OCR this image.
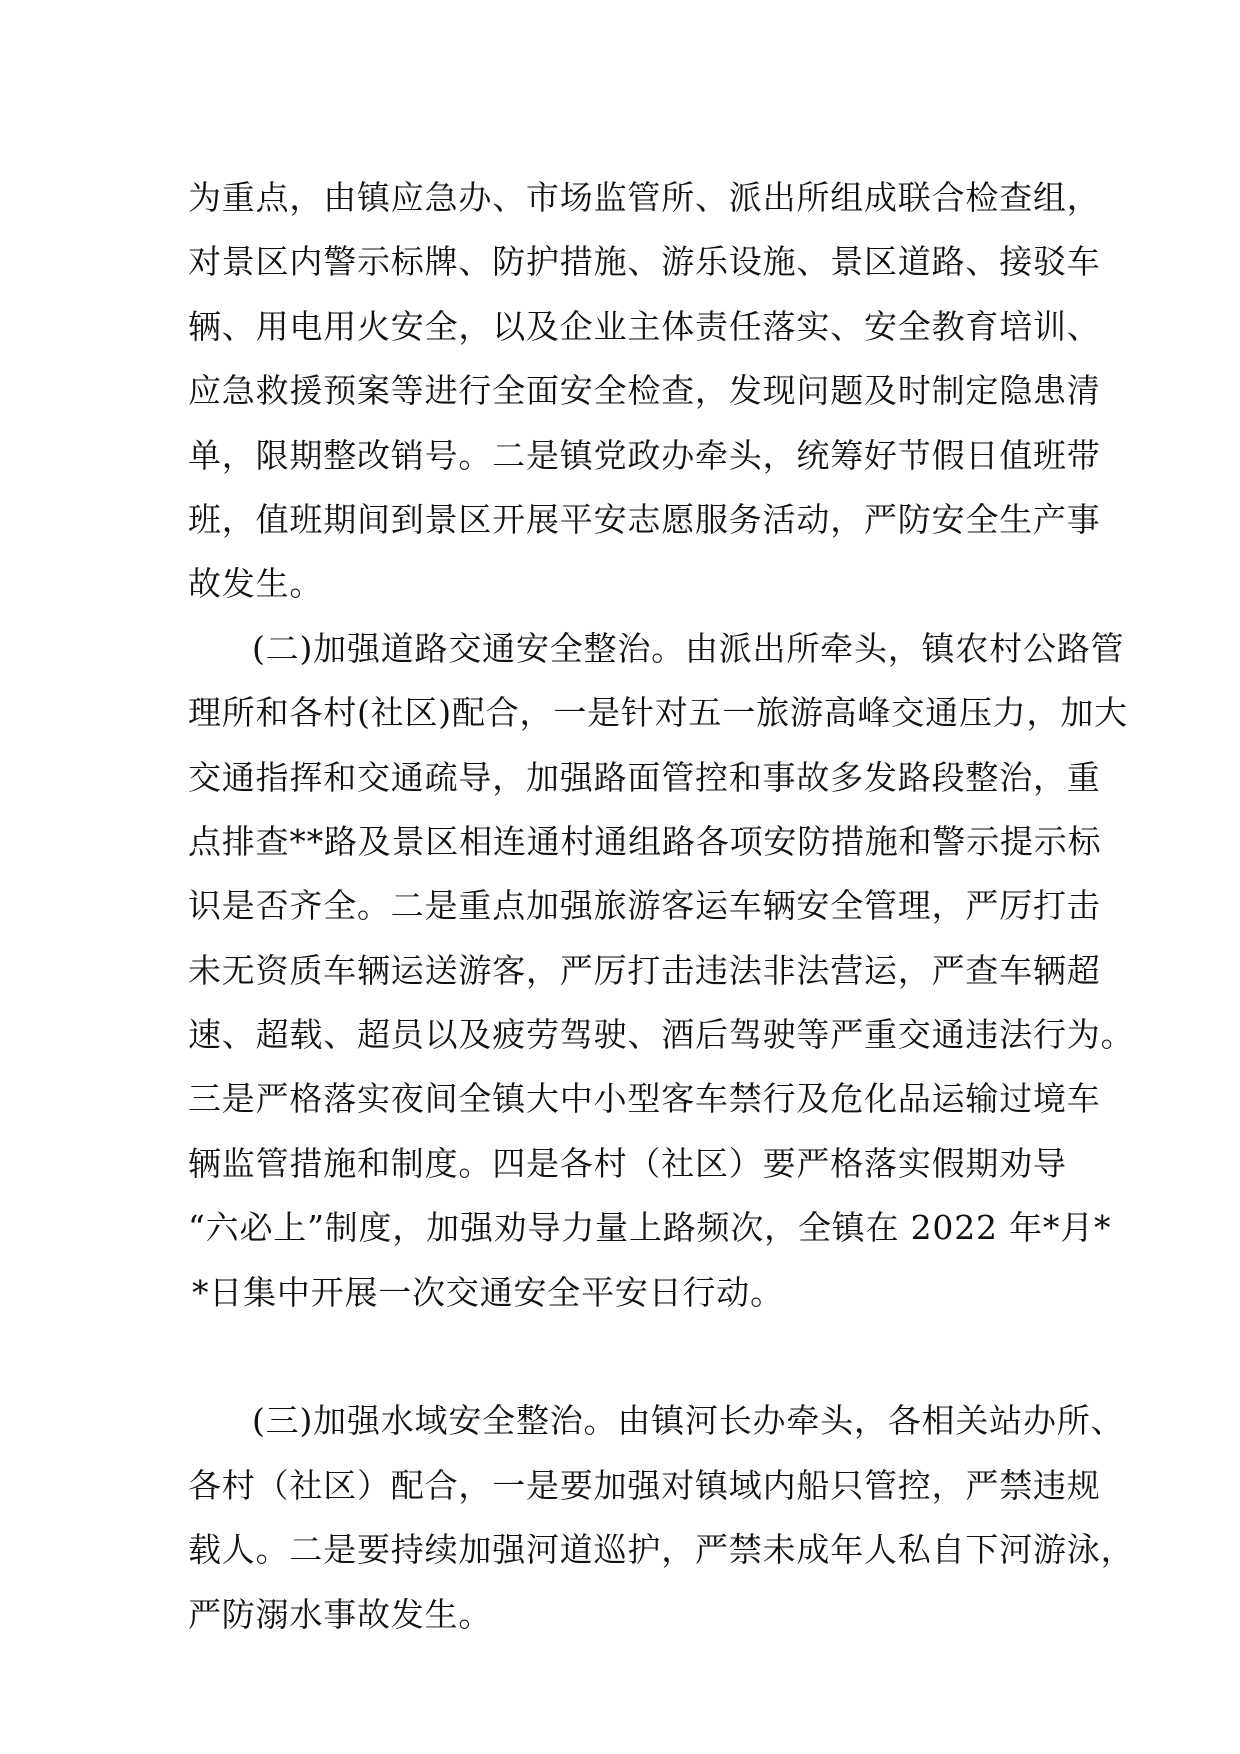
为重点，由镇应急办、市场监管所、派出所组成联合检查组，
对景区内警示标牌、防护措施、游乐设施、景区道路、接驳车
辆、用电用火安全，以及企业主体责任落实、安全教育培训、
应急救援预案等进行全面安全检查，发现问题及时制定隐患清
单，限期整改销号。二是镇党政办牵头，统筹好节假日值班带
班，值班期间到景区开展平安志愿服务活动，严防安全生产事
故发生。
(二)加强道路交通安全整治。由派出所牵头，镇农村公路管
理所和各村(社区)配合，一是针对五一旅游高峰交通压力，加大
交通指挥和交通疏导，加强路面管控和事故多发路段整治，重
点排查**路及景区相连通村通组路各项安防措施和警示提示标
识是否齐全。二是重点加强旅游客运车辆安全管理，严厉打击
未无资质车辆运送游客，严厉打击违法非法营运，严查车辆超
速、超载、超员以及疲劳驾驶、酒后驾驶等严重交通违法行为。
三是严格落实夜间全镇大中小型客车禁行及危化品运输过境车
辆监管措施和制度。四是各村（社区）要严格落实假期劝导
“六必上”制度，加强劝导力量上路频次，全镇在 2022 年*月*
*日集中开展一次交通安全平安日行动。
(三)加强水域安全整治。由镇河长办牵头，各相关站办所、
各村（社区）配合，一是要加强对镇域内船只管控，严禁违规
载人。二是要持续加强河道巡护，严禁未成年人私自下河游泳，
严防溺水事故发生。
